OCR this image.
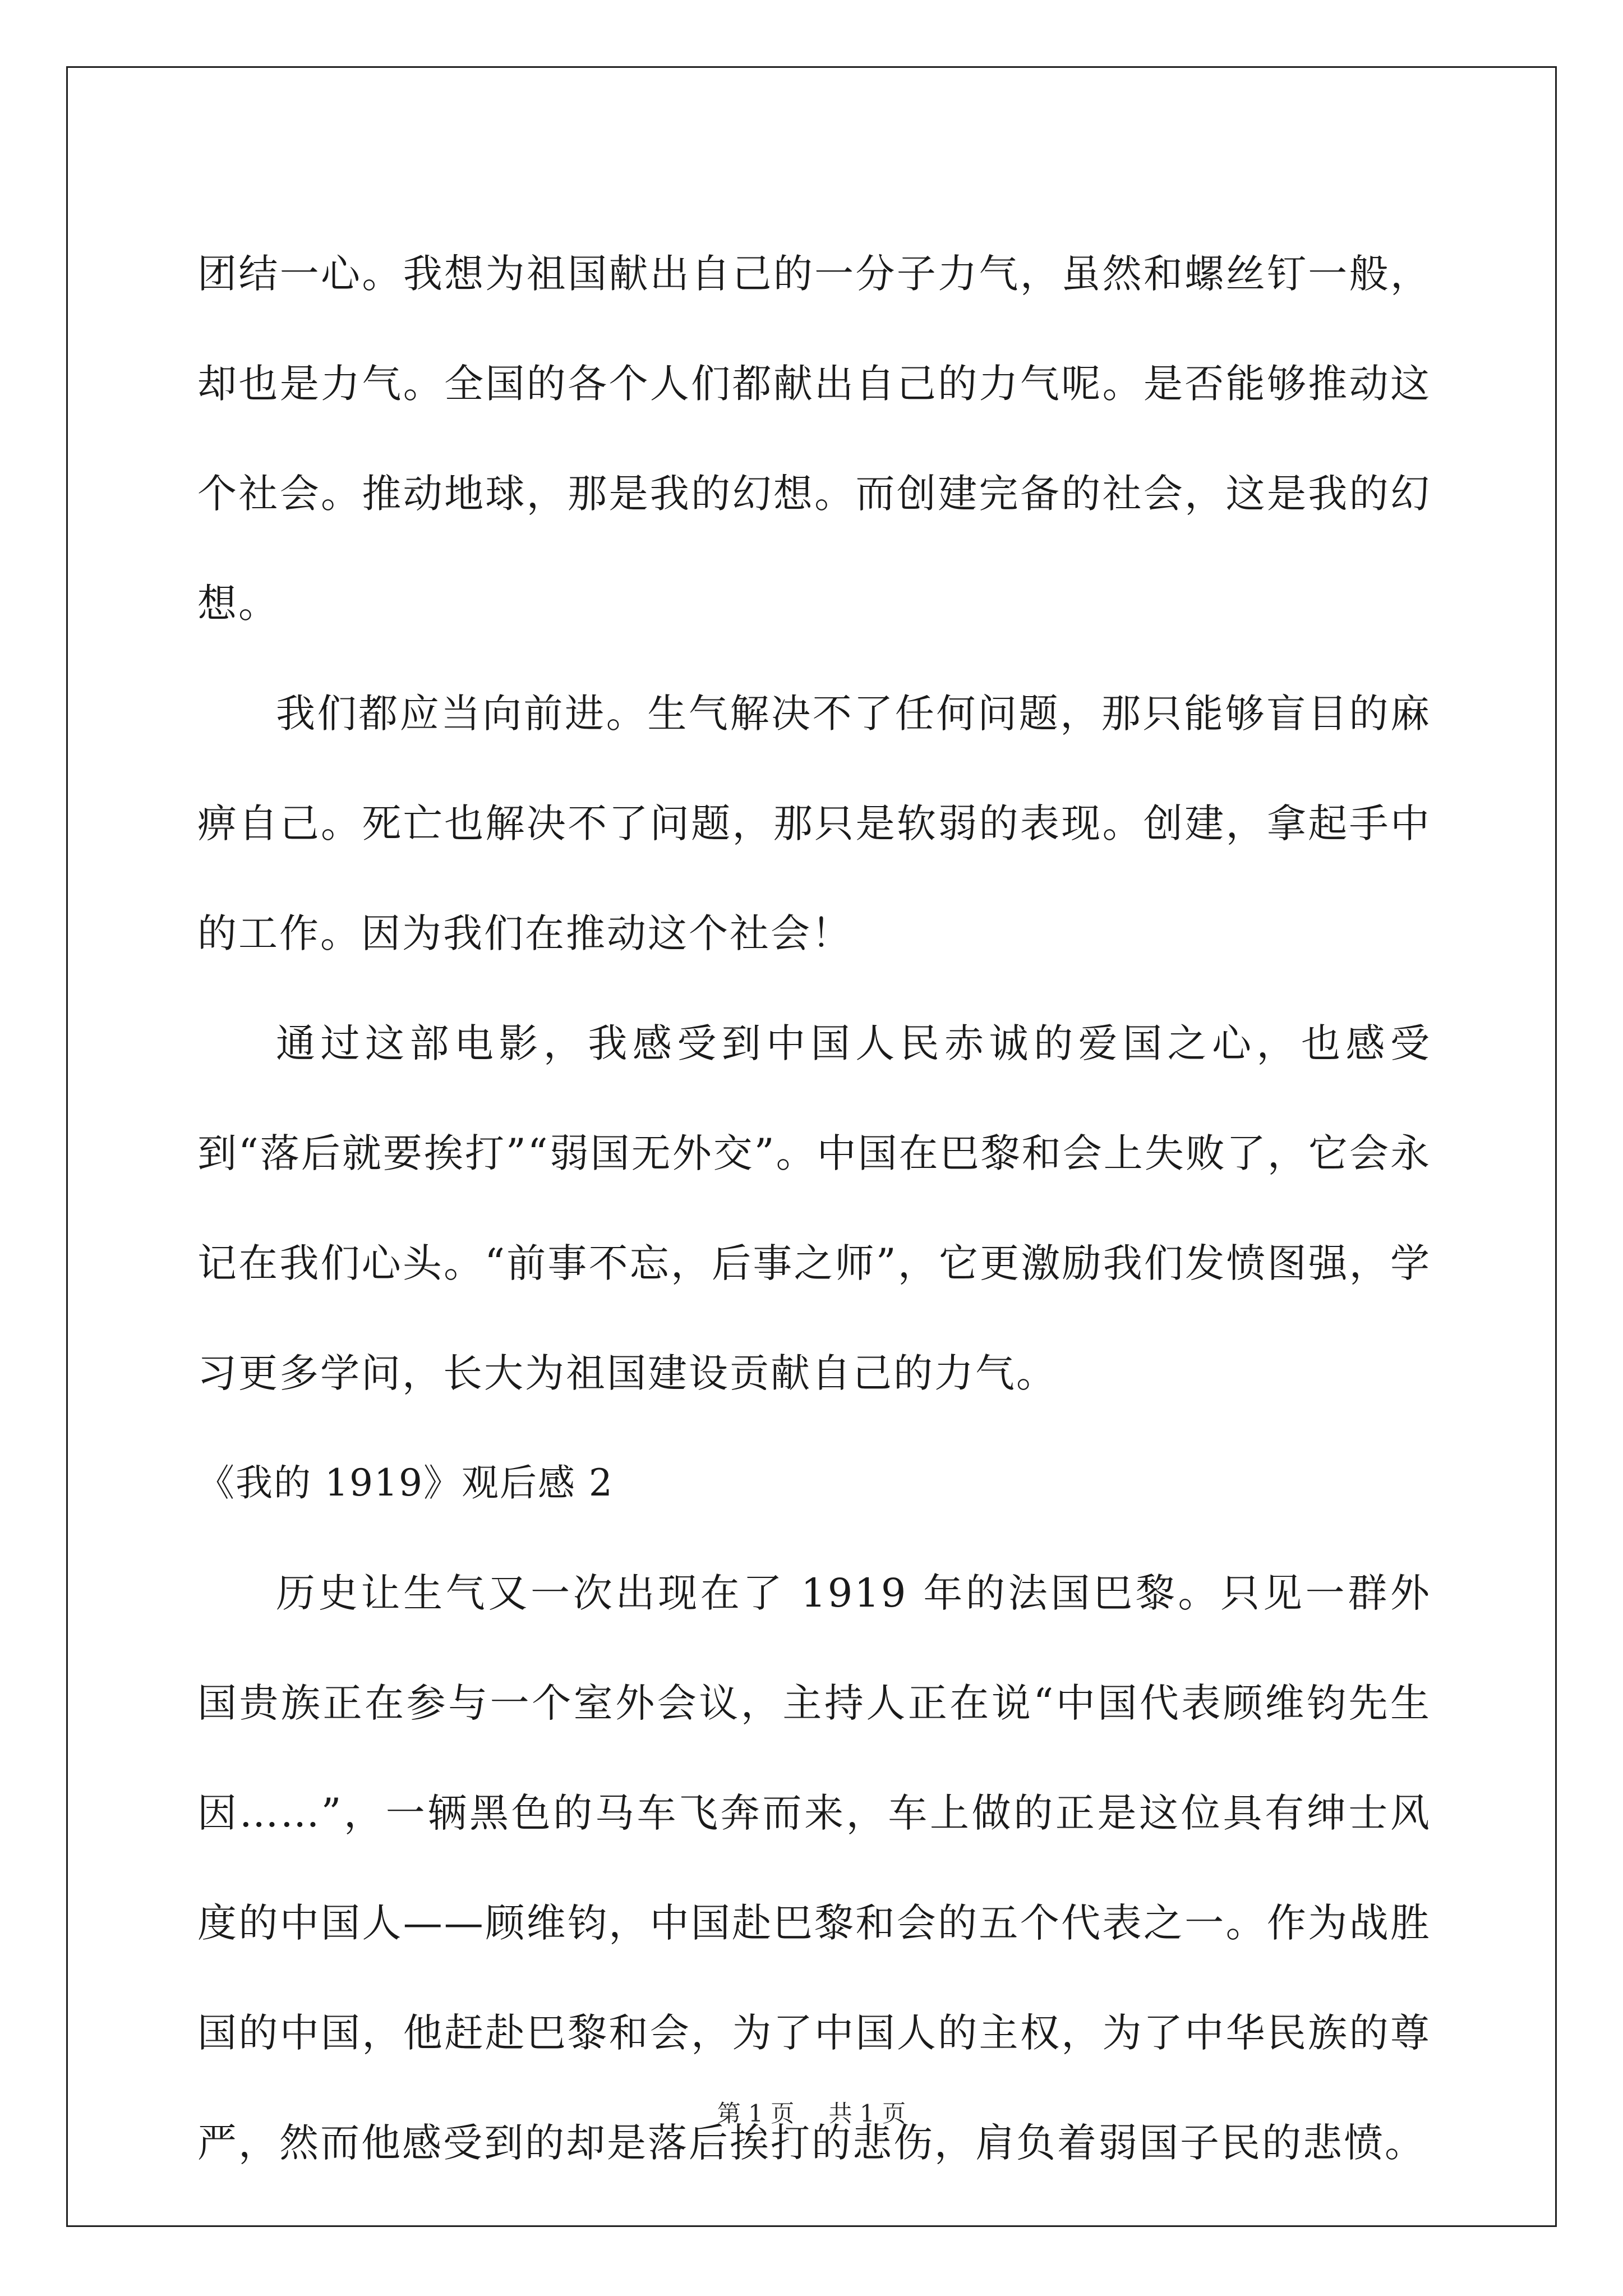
团结一心。我想为祖国献出自己的一分子力气，虽然和螺丝钉一般，却也是力气。全国的各个人们都献出自己的力气呢。是否能够推动这个社会。推动地球，那是我的幻想。而创建完备的社会，这是我的幻想。

我们都应当向前进。生气解决不了任何问题，那只能够盲目的麻痹自己。死亡也解决不了问题，那只是软弱的表现。创建，拿起手中的工作。因为我们在推动这个社会！

通过这部电影，我感受到中国人民赤诚的爱国之心，也感受到“落后就要挨打”“弱国无外交”。中国在巴黎和会上失败了，它会永记在我们心头。“前事不忘，后事之师”，它更激励我们发愤图强，学习更多学问，长大为祖国建设贡献自己的力气。

《我的 1919》观后感 2

历史让生气又一次出现在了 1919 年的法国巴黎。只见一群外国贵族正在参与一个室外会议，主持人正在说“中国代表顾维钧先生因……”，一辆黑色的马车飞奔而来，车上做的正是这位具有绅士风度的中国人——顾维钧，中国赴巴黎和会的五个代表之一。作为战胜国的中国，他赶赴巴黎和会，为了中国人的主权，为了中华民族的尊严，然而他感受到的却是落后挨打的悲伤，肩负着弱国子民的悲愤。

第 1 页 共 1 页
